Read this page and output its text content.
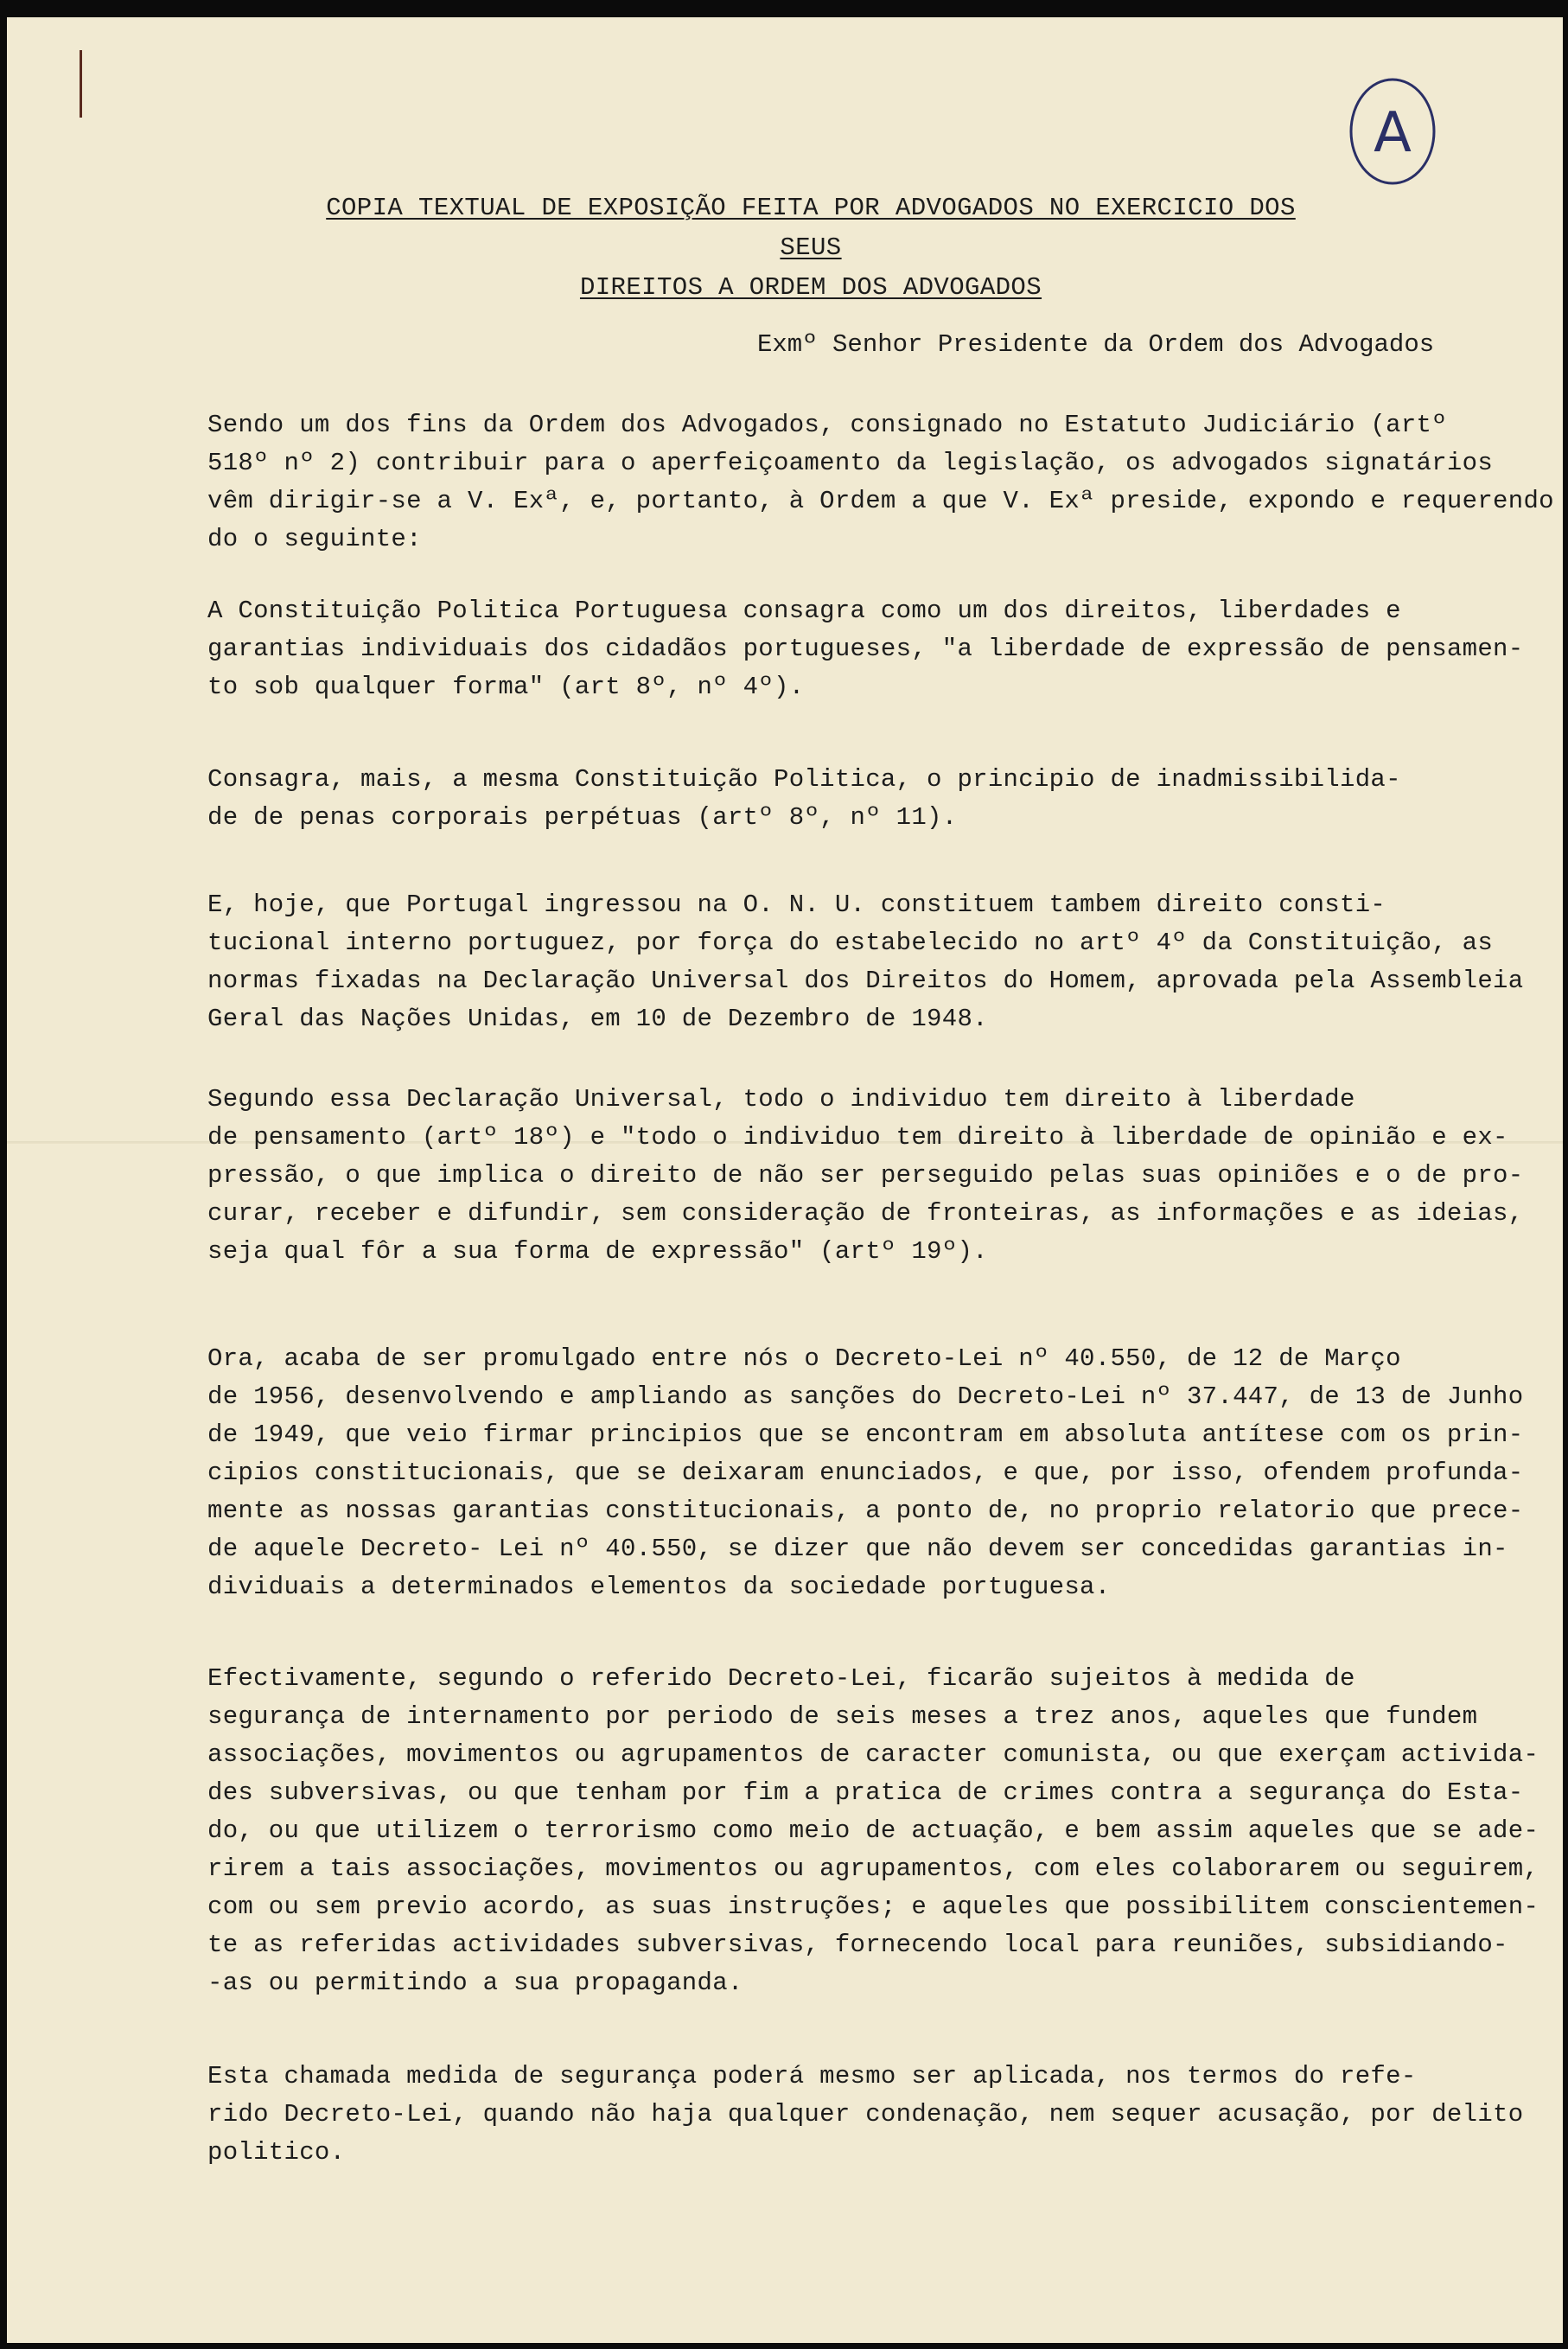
A
COPIA TEXTUAL DE EXPOSIÇÃO FEITA POR ADVOGADOS NO EXERCICIO DOS SEUS
DIREITOS A ORDEM DOS ADVOGADOS
Exmº Senhor Presidente da Ordem dos Advogados
Sendo um dos fins da Ordem dos Advogados, consignado no Estatuto Judiciário (artº
518º nº 2) contribuir para o aperfeiçoamento da legislação, os advogados signatários
vêm dirigir-se a V. Exª, e, portanto, à Ordem a que V. Exª preside, expondo e requerendo
do o seguinte:
A Constituição Politica Portuguesa consagra como um dos direitos, liberdades e
garantias individuais dos cidadãos portugueses, "a liberdade de expressão de pensamen-
to sob qualquer forma" (art 8º, nº 4º).
Consagra, mais, a mesma Constituição Politica, o principio de inadmissibilida-
de de penas corporais perpétuas (artº 8º, nº 11).
E, hoje, que Portugal ingressou na O. N. U. constituem tambem direito consti-
tucional interno portuguez, por força do estabelecido no artº 4º da Constituição, as
normas fixadas na Declaração Universal dos Direitos do Homem, aprovada pela Assembleia
Geral das Nações Unidas, em 10 de Dezembro de 1948.
Segundo essa Declaração Universal, todo o individuo tem direito à liberdade
de pensamento (artº 18º) e "todo o individuo tem direito à liberdade de opinião e ex-
pressão, o que implica o direito de não ser perseguido pelas suas opiniões e o de pro-
curar, receber e difundir, sem consideração de fronteiras, as informações e as ideias,
seja qual fôr a sua forma de expressão" (artº 19º).
Ora, acaba de ser promulgado entre nós o Decreto-Lei nº 40.550, de 12 de Março
de 1956, desenvolvendo e ampliando as sanções do Decreto-Lei nº 37.447, de 13 de Junho
de 1949, que veio firmar principios que se encontram em absoluta antítese com os prin-
cipios constitucionais, que se deixaram enunciados, e que, por isso, ofendem profunda-
mente as nossas garantias constitucionais, a ponto de, no proprio relatorio que prece-
de aquele Decreto- Lei nº 40.550, se dizer que não devem ser concedidas garantias in-
dividuais a determinados elementos da sociedade portuguesa.
Efectivamente, segundo o referido Decreto-Lei, ficarão sujeitos à medida de
segurança de internamento por periodo de seis meses a trez anos, aqueles que fundem
associações, movimentos ou agrupamentos de caracter comunista, ou que exerçam activida-
des subversivas, ou que tenham por fim a pratica de crimes contra a segurança do Esta-
do, ou que utilizem o terrorismo como meio de actuação, e bem assim aqueles que se ade-
rirem a tais associações, movimentos ou agrupamentos, com eles colaborarem ou seguirem,
com ou sem previo acordo, as suas instruções; e aqueles que possibilitem conscientemen-
te as referidas actividades subversivas, fornecendo local para reuniões, subsidiando-
-as ou permitindo a sua propaganda.
Esta chamada medida de segurança poderá mesmo ser aplicada, nos termos do refe-
rido Decreto-Lei, quando não haja qualquer condenação, nem sequer acusação, por delito
politico.
